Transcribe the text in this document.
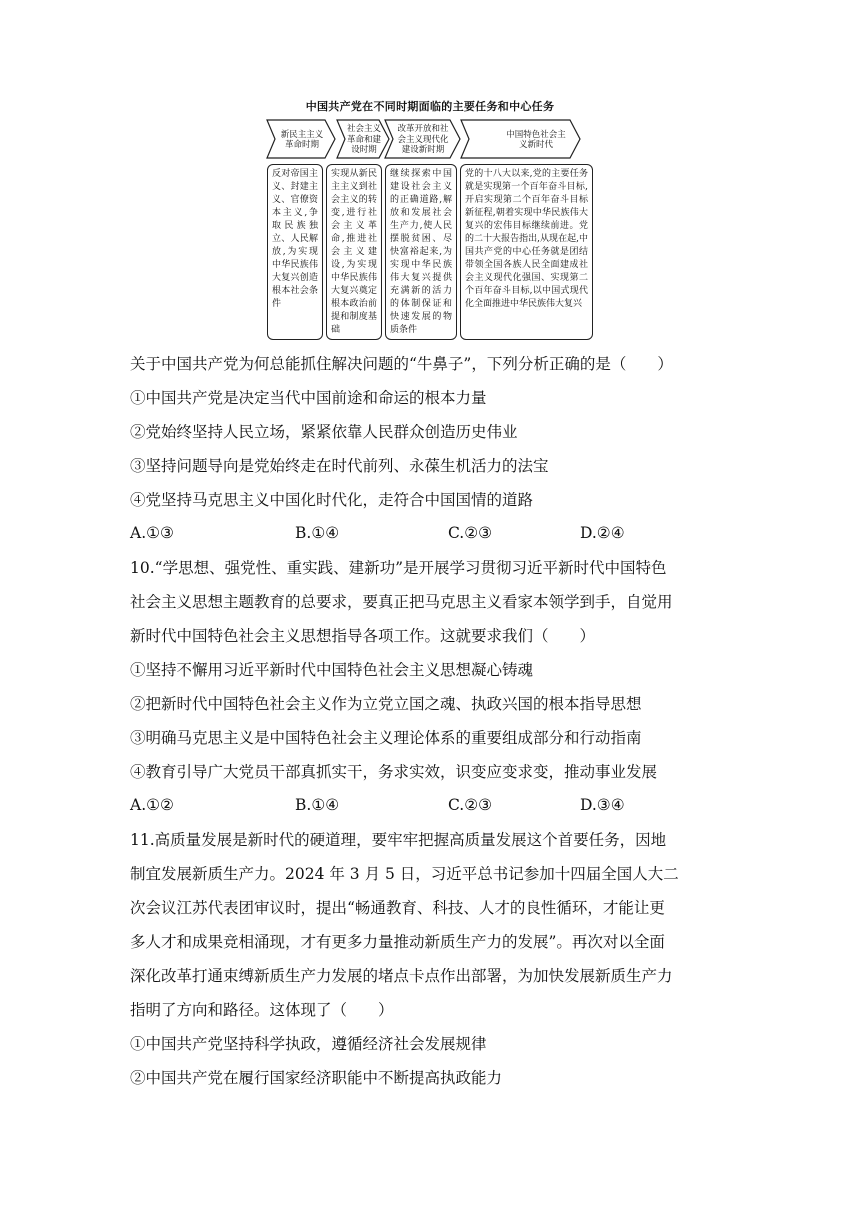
中国共产党在不同时期面临的主要任务和中心任务
新民主主义革命时期
社会主义革命和建设时期
改革开放和社会主义现代化建设新时期
中国特色社会主义新时代
反对帝国主义、封建主义、官僚资本主义,争取民族独立、人民解放,为实现中华民族伟大复兴创造根本社会条件
实现从新民主主义到社会主义的转变,进行社会主义革命,推进社会主义建设,为实现中华民族伟大复兴奠定根本政治前提和制度基础
继续探索中国建设社会主义的正确道路,解放和发展社会生产力,使人民摆脱贫困、尽快富裕起来,为实现中华民族伟大复兴提供充满新的活力的体制保证和快速发展的物质条件
党的十八大以来,党的主要任务就是实现第一个百年奋斗目标,开启实现第二个百年奋斗目标新征程,朝着实现中华民族伟大复兴的宏伟目标继续前进。党的二十大报告指出,从现在起,中国共产党的中心任务就是团结带领全国各族人民全面建成社会主义现代化强国、实现第二个百年奋斗目标,以中国式现代化全面推进中华民族伟大复兴
关于中国共产党为何总能抓住解决问题的“牛鼻子”，下列分析正确的是（　　）
①中国共产党是决定当代中国前途和命运的根本力量
②党始终坚持人民立场，紧紧依靠人民群众创造历史伟业
③坚持问题导向是党始终走在时代前列、永葆生机活力的法宝
④党坚持马克思主义中国化时代化，走符合中国国情的道路
A.①③	B.①④	C.②③	D.②④
10.“学思想、强党性、重实践、建新功”是开展学习贯彻习近平新时代中国特色
社会主义思想主题教育的总要求，要真正把马克思主义看家本领学到手，自觉用
新时代中国特色社会主义思想指导各项工作。这就要求我们（　　）
①坚持不懈用习近平新时代中国特色社会主义思想凝心铸魂
②把新时代中国特色社会主义作为立党立国之魂、执政兴国的根本指导思想
③明确马克思主义是中国特色社会主义理论体系的重要组成部分和行动指南
④教育引导广大党员干部真抓实干，务求实效，识变应变求变，推动事业发展
A.①②	B.①④	C.②③	D.③④
11.高质量发展是新时代的硬道理，要牢牢把握高质量发展这个首要任务，因地
制宜发展新质生产力。2024 年 3 月 5 日，习近平总书记参加十四届全国人大二
次会议江苏代表团审议时，提出“畅通教育、科技、人才的良性循环，才能让更
多人才和成果竞相涌现，才有更多力量推动新质生产力的发展”。再次对以全面
深化改革打通束缚新质生产力发展的堵点卡点作出部署，为加快发展新质生产力
指明了方向和路径。这体现了（　　）
①中国共产党坚持科学执政，遵循经济社会发展规律
②中国共产党在履行国家经济职能中不断提高执政能力
